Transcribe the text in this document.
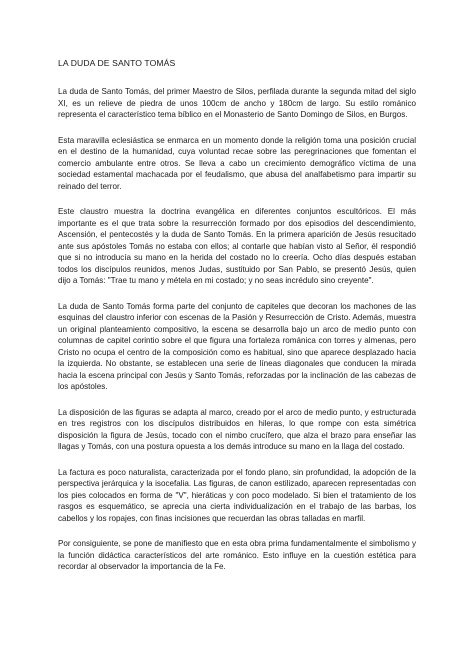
LA DUDA DE SANTO TOMÁS

La duda de Santo Tomás, del primer Maestro de Silos, perfilada durante la segunda mitad del siglo XI, es un relieve de piedra de unos 100cm de ancho y 180cm de largo. Su estilo románico representa el característico tema bíblico en el Monasterio de Santo Domingo de Silos, en Burgos.

Esta maravilla eclesiástica se enmarca en un momento donde la religión toma una posición crucial en el destino de la humanidad, cuya voluntad recae sobre las peregrinaciones que fomentan el comercio ambulante entre otros. Se lleva a cabo un crecimiento demográfico víctima de una sociedad estamental machacada por el feudalismo, que abusa del analfabetismo para impartir su reinado del terror.

Este claustro muestra la doctrina evangélica en diferentes conjuntos escultóricos. El más importante es el que trata sobre la resurrección formado por dos episodios del descendimiento, Ascensión, el pentecostés y la duda de Santo Tomás. En la primera aparición de Jesús resucitado ante sus apóstoles Tomás no estaba con ellos; al contarle que habían visto al Señor, él respondió que si no introducía su mano en la herida del costado no lo creería. Ocho días después estaban todos los discípulos reunidos, menos Judas, sustituido por San Pablo, se presentó Jesús, quien dijo a Tomás: "Trae tu mano y métela en mi costado; y no seas incrédulo sino creyente".

La duda de Santo Tomás forma parte del conjunto de capiteles que decoran los machones de las esquinas del claustro inferior con escenas de la Pasión y Resurrección de Cristo. Además, muestra un original planteamiento compositivo, la escena se desarrolla bajo un arco de medio punto con columnas de capitel corintio sobre el que figura una fortaleza románica con torres y almenas, pero Cristo no ocupa el centro de la composición como es habitual, sino que aparece desplazado hacia la izquierda. No obstante, se establecen una serie de líneas diagonales que conducen la mirada hacia la escena principal con Jesús y Santo Tomás, reforzadas por la inclinación de las cabezas de los apóstoles.

La disposición de las figuras se adapta al marco, creado por el arco de medio punto, y estructurada en tres registros con los discípulos distribuidos en hileras, lo que rompe con esta simétrica disposición la figura de Jesús, tocado con el nimbo crucífero, que alza el brazo para enseñar las llagas y Tomás, con una postura opuesta a los demás introduce su mano en la llaga del costado.

La factura es poco naturalista, caracterizada por el fondo plano, sin profundidad, la adopción de la perspectiva jerárquica y la isocefalia. Las figuras, de canon estilizado, aparecen representadas con los pies colocados en forma de "V", hieráticas y con poco modelado. Si bien el tratamiento de los rasgos es esquemático, se aprecia una cierta individualización en el trabajo de las barbas, los cabellos y los ropajes, con finas incisiones que recuerdan las obras talladas en marfil.

Por consiguiente, se pone de manifiesto que en esta obra prima fundamentalmente el simbolismo y la función didáctica característicos del arte románico. Esto influye en la cuestión estética para recordar al observador la importancia de la Fe.
